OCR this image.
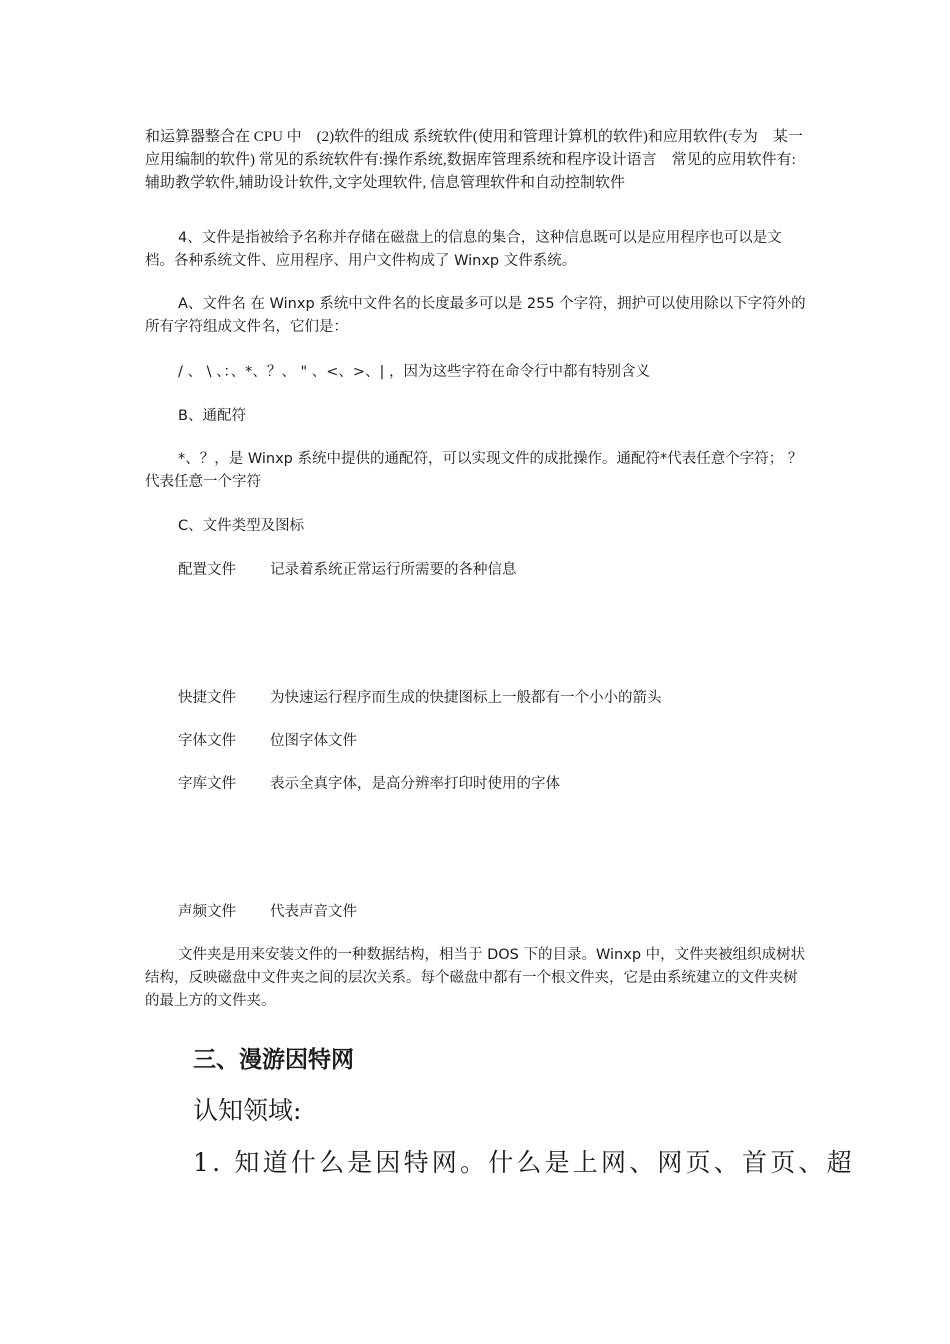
和运算器整合在 CPU 中　(2)软件的组成 系统软件(使用和管理计算机的软件)和应用软件(专为　某一应用编制的软件) 常见的系统软件有:操作系统,数据库管理系统和程序设计语言　常见的应用软件有:辅助教学软件,辅助设计软件,文字处理软件, 信息管理软件和自动控制软件
4、文件是指被给予名称并存储在磁盘上的信息的集合，这种信息既可以是应用程序也可以是文档。各种系统文件、应用程序、用户文件构成了 Winxp 文件系统。
A、文件名 在 Winxp 系统中文件名的长度最多可以是 255 个字符，拥护可以使用除以下字符外的所有字符组成文件名，它们是：
/ 、 \ 、：、*、？、 " 、<、>、| ，因为这些字符在命令行中都有特别含义
B、通配符
*、？，是 Winxp 系统中提供的通配符，可以实现文件的成批操作。通配符*代表任意个字符； ？代表任意一个字符
C、文件类型及图标
配置文件 记录着系统正常运行所需要的各种信息
快捷文件 为快速运行程序而生成的快捷图标上一般都有一个小小的箭头
字体文件 位图字体文件
字库文件 表示全真字体，是高分辨率打印时使用的字体
声频文件 代表声音文件
文件夹是用来安装文件的一种数据结构，相当于 DOS 下的目录。Winxp 中，文件夹被组织成树状结构，反映磁盘中文件夹之间的层次关系。每个磁盘中都有一个根文件夹，它是由系统建立的文件夹树的最上方的文件夹。
三、漫游因特网
认知领域:
1. 知道什么是因特网。什么是上网、网页、首页、超
